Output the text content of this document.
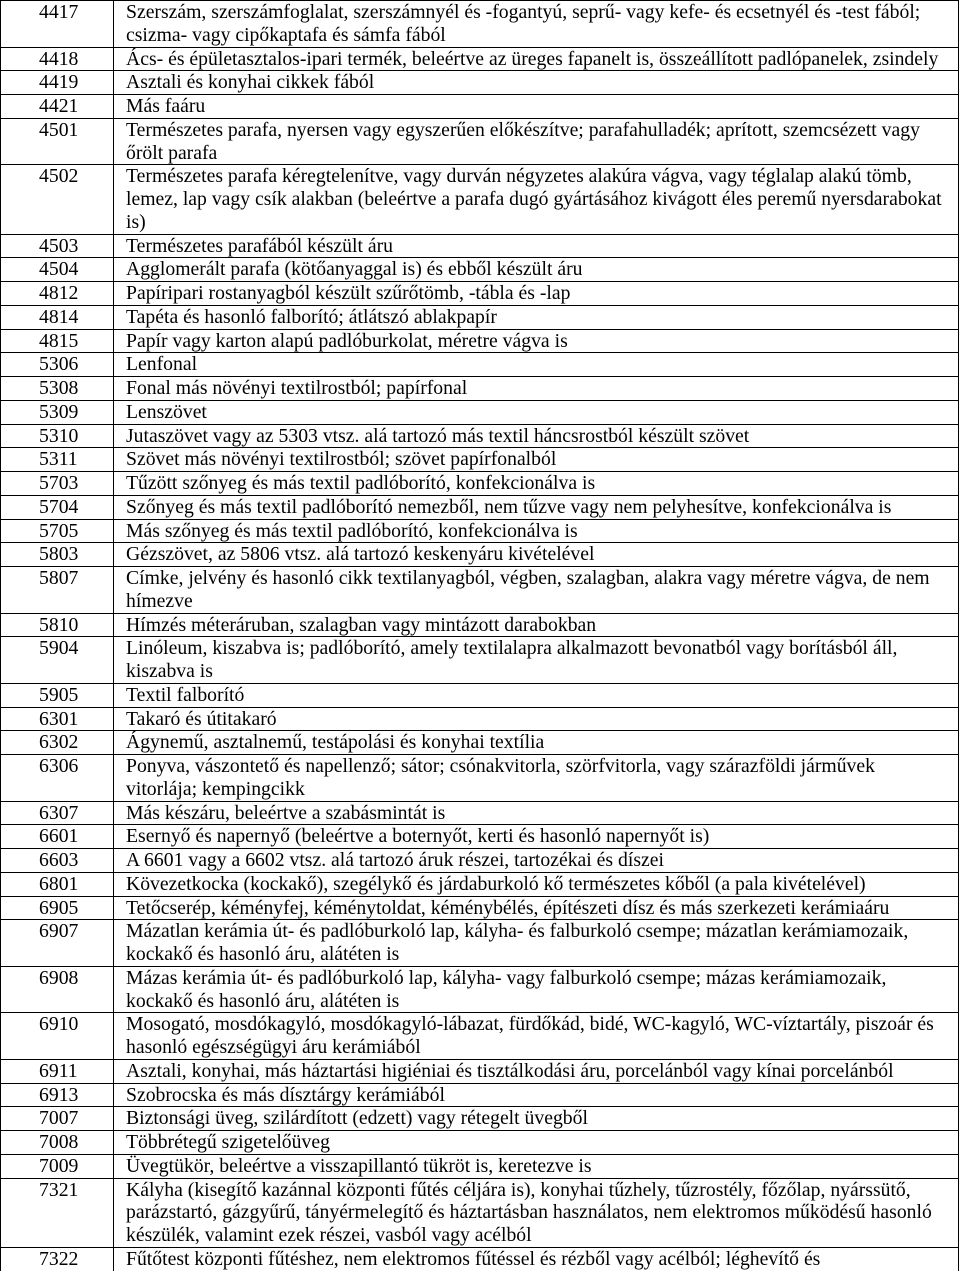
4417	Szerszám, szerszámfoglalat, szerszámnyél és -fogantyú, seprű- vagy kefe- és ecsetnyél és -test fából;
csizma- vagy cipőkaptafa és sámfa fából

4418	Ács- és épületasztalos-ipari termék, beleértve az üreges fapanelt is, összeállított padlópanelek, zsindely

4419	Asztali és konyhai cikkek fából

4421	Más faáru

4501	Természetes parafa, nyersen vagy egyszerűen előkészítve; parafahulladék; aprított, szemcsézett vagy
őrölt parafa

4502	Természetes parafa kéregtelenítve, vagy durván négyzetes alakúra vágva, vagy téglalap alakú tömb,
lemez, lap vagy csík alakban (beleértve a parafa dugó gyártásához kivágott éles peremű nyersdarabokat
is)

4503	Természetes parafából készült áru

4504	Agglomerált parafa (kötőanyaggal is) és ebből készült áru

4812	Papíripari rostanyagból készült szűrőtömb, -tábla és -lap

4814	Tapéta és hasonló falborító; átlátszó ablakpapír

4815	Papír vagy karton alapú padlóburkolat, méretre vágva is

5306	Lenfonal

5308	Fonal más növényi textilrostból; papírfonal

5309	Lenszövet

5310	Jutaszövet vagy az 5303 vtsz. alá tartozó más textil háncsrostból készült szövet

5311	Szövet más növényi textilrostból; szövet papírfonalból

5703	Tűzött szőnyeg és más textil padlóborító, konfekcionálva is

5704	Szőnyeg és más textil padlóborító nemezből, nem tűzve vagy nem pelyhesítve, konfekcionálva is

5705	Más szőnyeg és más textil padlóborító, konfekcionálva is

5803	Gézszövet, az 5806 vtsz. alá tartozó keskenyáru kivételével

5807	Címke, jelvény és hasonló cikk textilanyagból, végben, szalagban, alakra vagy méretre vágva, de nem
hímezve

5810	Hímzés méteráruban, szalagban vagy mintázott darabokban

5904	Linóleum, kiszabva is; padlóborító, amely textilalapra alkalmazott bevonatból vagy borításból áll,
kiszabva is

5905	Textil falborító

6301	Takaró és útitakaró

6302	Ágynemű, asztalnemű, testápolási és konyhai textília

6306	Ponyva, vászontető és napellenző; sátor; csónakvitorla, szörfvitorla, vagy szárazföldi járművek
vitorlája; kempingcikk

6307	Más készáru, beleértve a szabásmintát is

6601	Esernyő és napernyő (beleértve a boternyőt, kerti és hasonló napernyőt is)

6603	A 6601 vagy a 6602 vtsz. alá tartozó áruk részei, tartozékai és díszei

6801	Kövezetkocka (kockakő), szegélykő és járdaburkoló kő természetes kőből (a pala kivételével)

6905	Tetőcserép, kéményfej, kéménytoldat, kéménybélés, építészeti dísz és más szerkezeti kerámiaáru

6907	Mázatlan kerámia út- és padlóburkoló lap, kályha- és falburkoló csempe; mázatlan kerámiamozaik,
kockakő és hasonló áru, alátéten is

6908	Mázas kerámia út- és padlóburkoló lap, kályha- vagy falburkoló csempe; mázas kerámiamozaik,
kockakő és hasonló áru, alátéten is

6910	Mosogató, mosdókagyló, mosdókagyló-lábazat, fürdőkád, bidé, WC-kagyló, WC-víztartály, piszoár és
hasonló egészségügyi áru kerámiából

6911	Asztali, konyhai, más háztartási higiéniai és tisztálkodási áru, porcelánból vagy kínai porcelánból

6913	Szobrocska és más dísztárgy kerámiából

7007	Biztonsági üveg, szilárdított (edzett) vagy rétegelt üvegből

7008	Többrétegű szigetelőüveg

7009	Üvegtükör, beleértve a visszapillantó tükröt is, keretezve is

7321	Kályha (kisegítő kazánnal központi fűtés céljára is), konyhai tűzhely, tűzrostély, főzőlap, nyárssütő,
parázstartó, gázgyűrű, tányérmelegítő és háztartásban használatos, nem elektromos működésű hasonló
készülék, valamint ezek részei, vasból vagy acélból

7322	Fűtőtest központi fűtéshez, nem elektromos fűtéssel és rézből vagy acélból; léghevítő és
